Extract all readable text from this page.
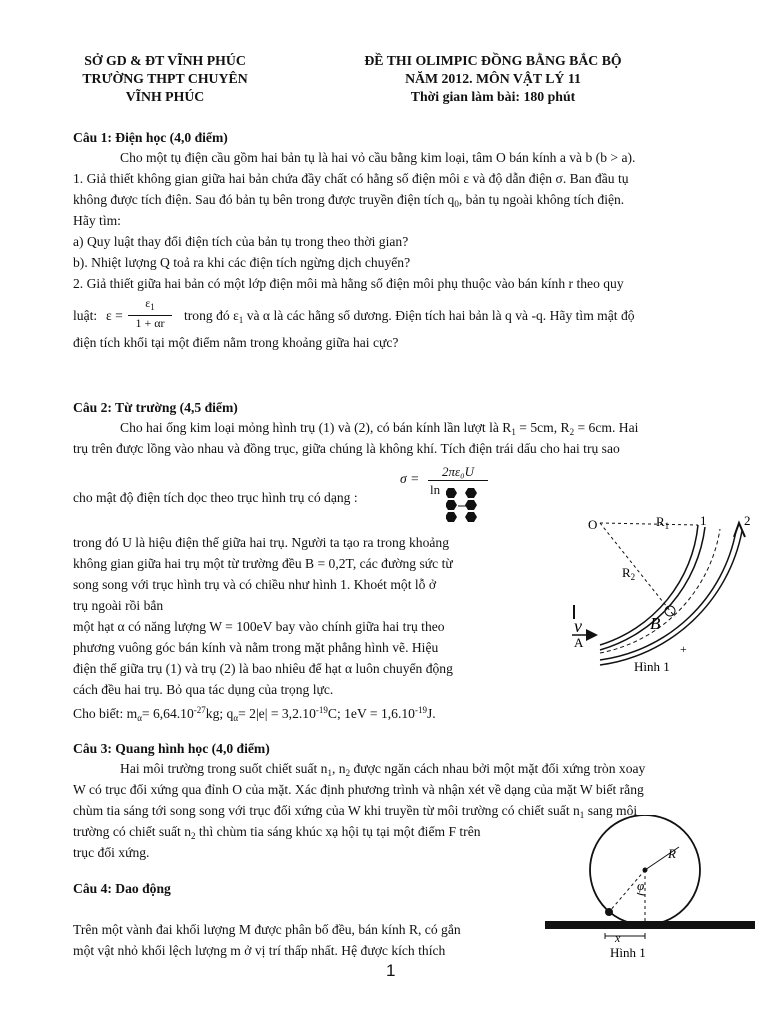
SỞ GD & ĐT VĨNH PHÚC
TRƯỜNG THPT CHUYÊN
VĨNH PHÚC
ĐỀ THI OLIMPIC ĐỒNG BẰNG BẮC BỘ
NĂM 2012. MÔN VẬT LÝ 11
Thời gian làm bài: 180 phút
Câu 1: Điện học (4,0 điểm)
Cho một tụ điện cầu gồm hai bản tụ là hai vỏ cầu bằng kim loại, tâm O bán kính a và b (b > a).
1. Giả thiết không gian giữa hai bản chứa đầy chất có hằng số điện môi ε và độ dẫn điện σ. Ban đầu tụ
không được tích điện. Sau đó bản tụ bên trong được truyền điện tích $q_0$, bản tụ ngoài không tích điện.
Hãy tìm:
a) Quy luật thay đổi điện tích của bản tụ trong theo thời gian?
b). Nhiệt lượng Q toả ra khi các điện tích ngừng dịch chuyển?
2. Giả thiết giữa hai bản có một lớp điện môi mà hằng số điện môi phụ thuộc vào bán kính r theo quy
luật: ε =
$\varepsilon_1$
1 + αr	trong đó $\varepsilon_1$ và α là các hằng số dương. Điện tích hai bản là q và -q. Hãy tìm mật độ
điện tích khối tại một điểm nằm trong khoảng giữa hai cực?
Câu 2: Từ trường (4,5 điểm)
Cho hai ống kim loại mỏng hình trụ (1) và (2), có bán kính lần lượt là $R_1 = 5cm$, $R_2 = 6cm$. Hai
trụ trên được lồng vào nhau và đồng trục, giữa chúng là không khí. Tích điện trái dấu cho hai trụ sao
cho mật độ điện tích dọc theo trục hình trụ có dạng :
σ =	2πε₀U
ln
trong đó U là hiệu điện thế giữa hai trụ. Người ta tạo ra trong khoảng
không gian giữa hai trụ một từ trường đều B = 0,2T, các đường sức từ
song song với trục hình trụ và có chiều như hình 1. Khoét một lỗ ở
trụ ngoài rồi bắn
một hạt α có năng lượng W = 100eV bay vào chính giữa hai trụ theo
phương vuông góc bán kính và nằm trong mặt phẳng hình vẽ. Hiệu
điện thế giữa trụ (1) và trụ (2) là bao nhiêu để hạt α luôn chuyển động
cách đều hai trụ. Bỏ qua tác dụng của trọng lực.
Cho biết: $m_\alpha= 6,64.10^{-27}kg$; $q_\alpha= 2|e| = 3,2.10^{-19}C$; $1eV = 1,6.10^{-19}J$.
O	$R_1$ 1	2
$R_2$
v
A
B
+
Hình 1
Câu 3: Quang hình học (4,0 điểm)
Hai môi trường trong suốt chiết suất $n_1$, $n_2$ được ngăn cách nhau bởi một mặt đối xứng tròn xoay
W có trục đối xứng qua đỉnh O của mặt. Xác định phương trình và nhận xét về dạng của mặt W biết rằng
chùm tia sáng tới song song với trục đối xứng của W khi truyền từ môi trường có chiết suất $n_1$ sang môi
trường có chiết suất $n_2$ thì chùm tia sáng khúc xạ hội tụ tại một điểm F trên
trục đối xứng.
Câu 4: Dao động
Trên một vành đai khối lượng M được phân bố đều, bán kính R, có gắn
một vật nhỏ khối lệch lượng m ở vị trí thấp nhất. Hệ được kích thích
R
φ
x
Hình 1
1
